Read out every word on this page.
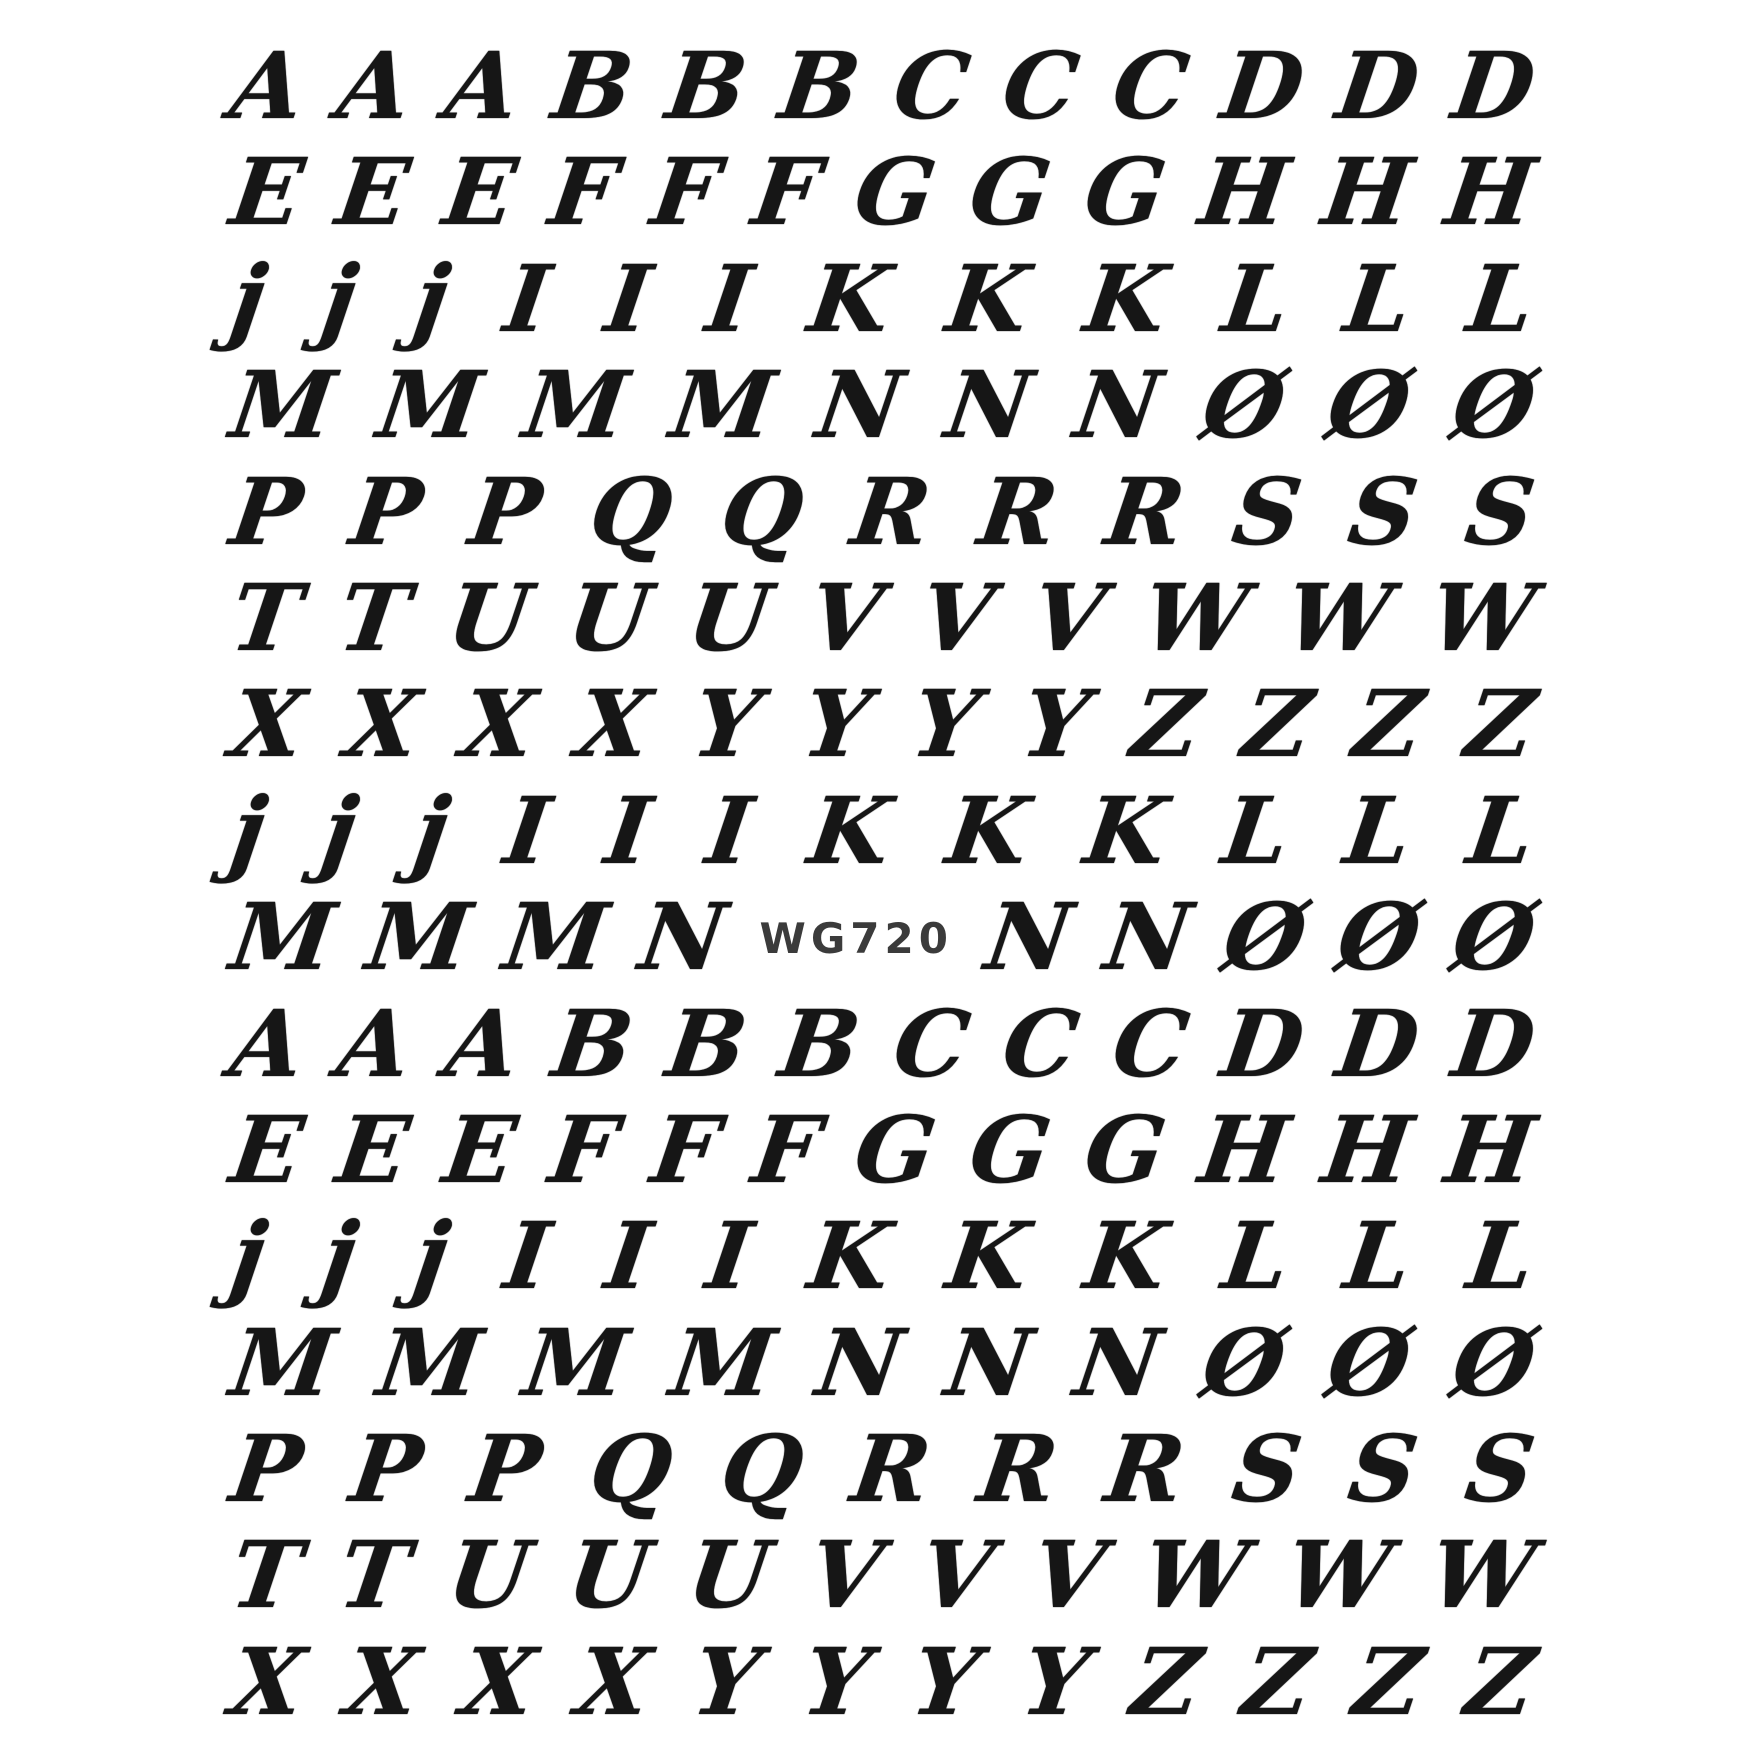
A A A B B B C C C D D D
E E E F F F G G G H H H
j j j I I I K K K L L L
M M M M N N N Ø Ø Ø
P P P Q Q R R R S S S
T T U U U V V V W W W
X X X X Y Y Y Y Z Z Z Z
j j j I I I K K K L L L
M M M N WG720 N N Ø Ø Ø
A A A B B B C C C D D D
E E E F F F G G G H H H
j j j I I I K K K L L L
M M M M N N N Ø Ø Ø
P P P Q Q R R R S S S
T T U U U V V V W W W
X X X X Y Y Y Y Z Z Z Z
